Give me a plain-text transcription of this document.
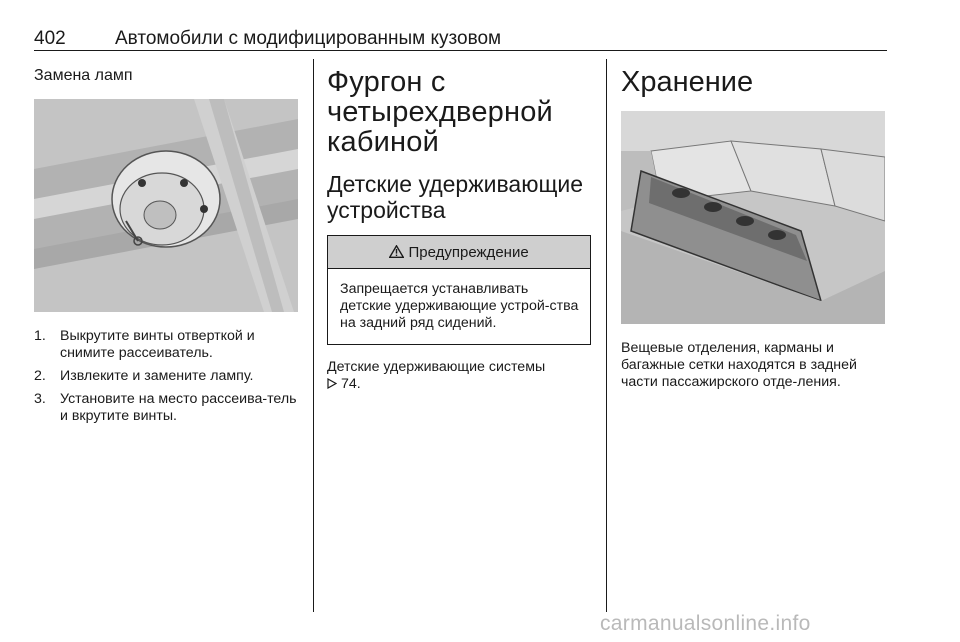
402	Автомобили с модифицированным кузовом
Замена ламп
1. Выкрутите винты отверткой и снимите рассеиватель.
2. Извлеките и замените лампу.
3. Установите на место рассеива-тель и вкрутите винты.
Фургон с четырехдверной кабиной
Детские удерживающие устройства
Предупреждение
Запрещается устанавливать детские удерживающие устрой-ства на задний ряд сидений.
Детские удерживающие системы
74.
Хранение
Вещевые отделения, карманы и багажные сетки находятся в задней части пассажирского отде-ления.
carmanualsonline.info
